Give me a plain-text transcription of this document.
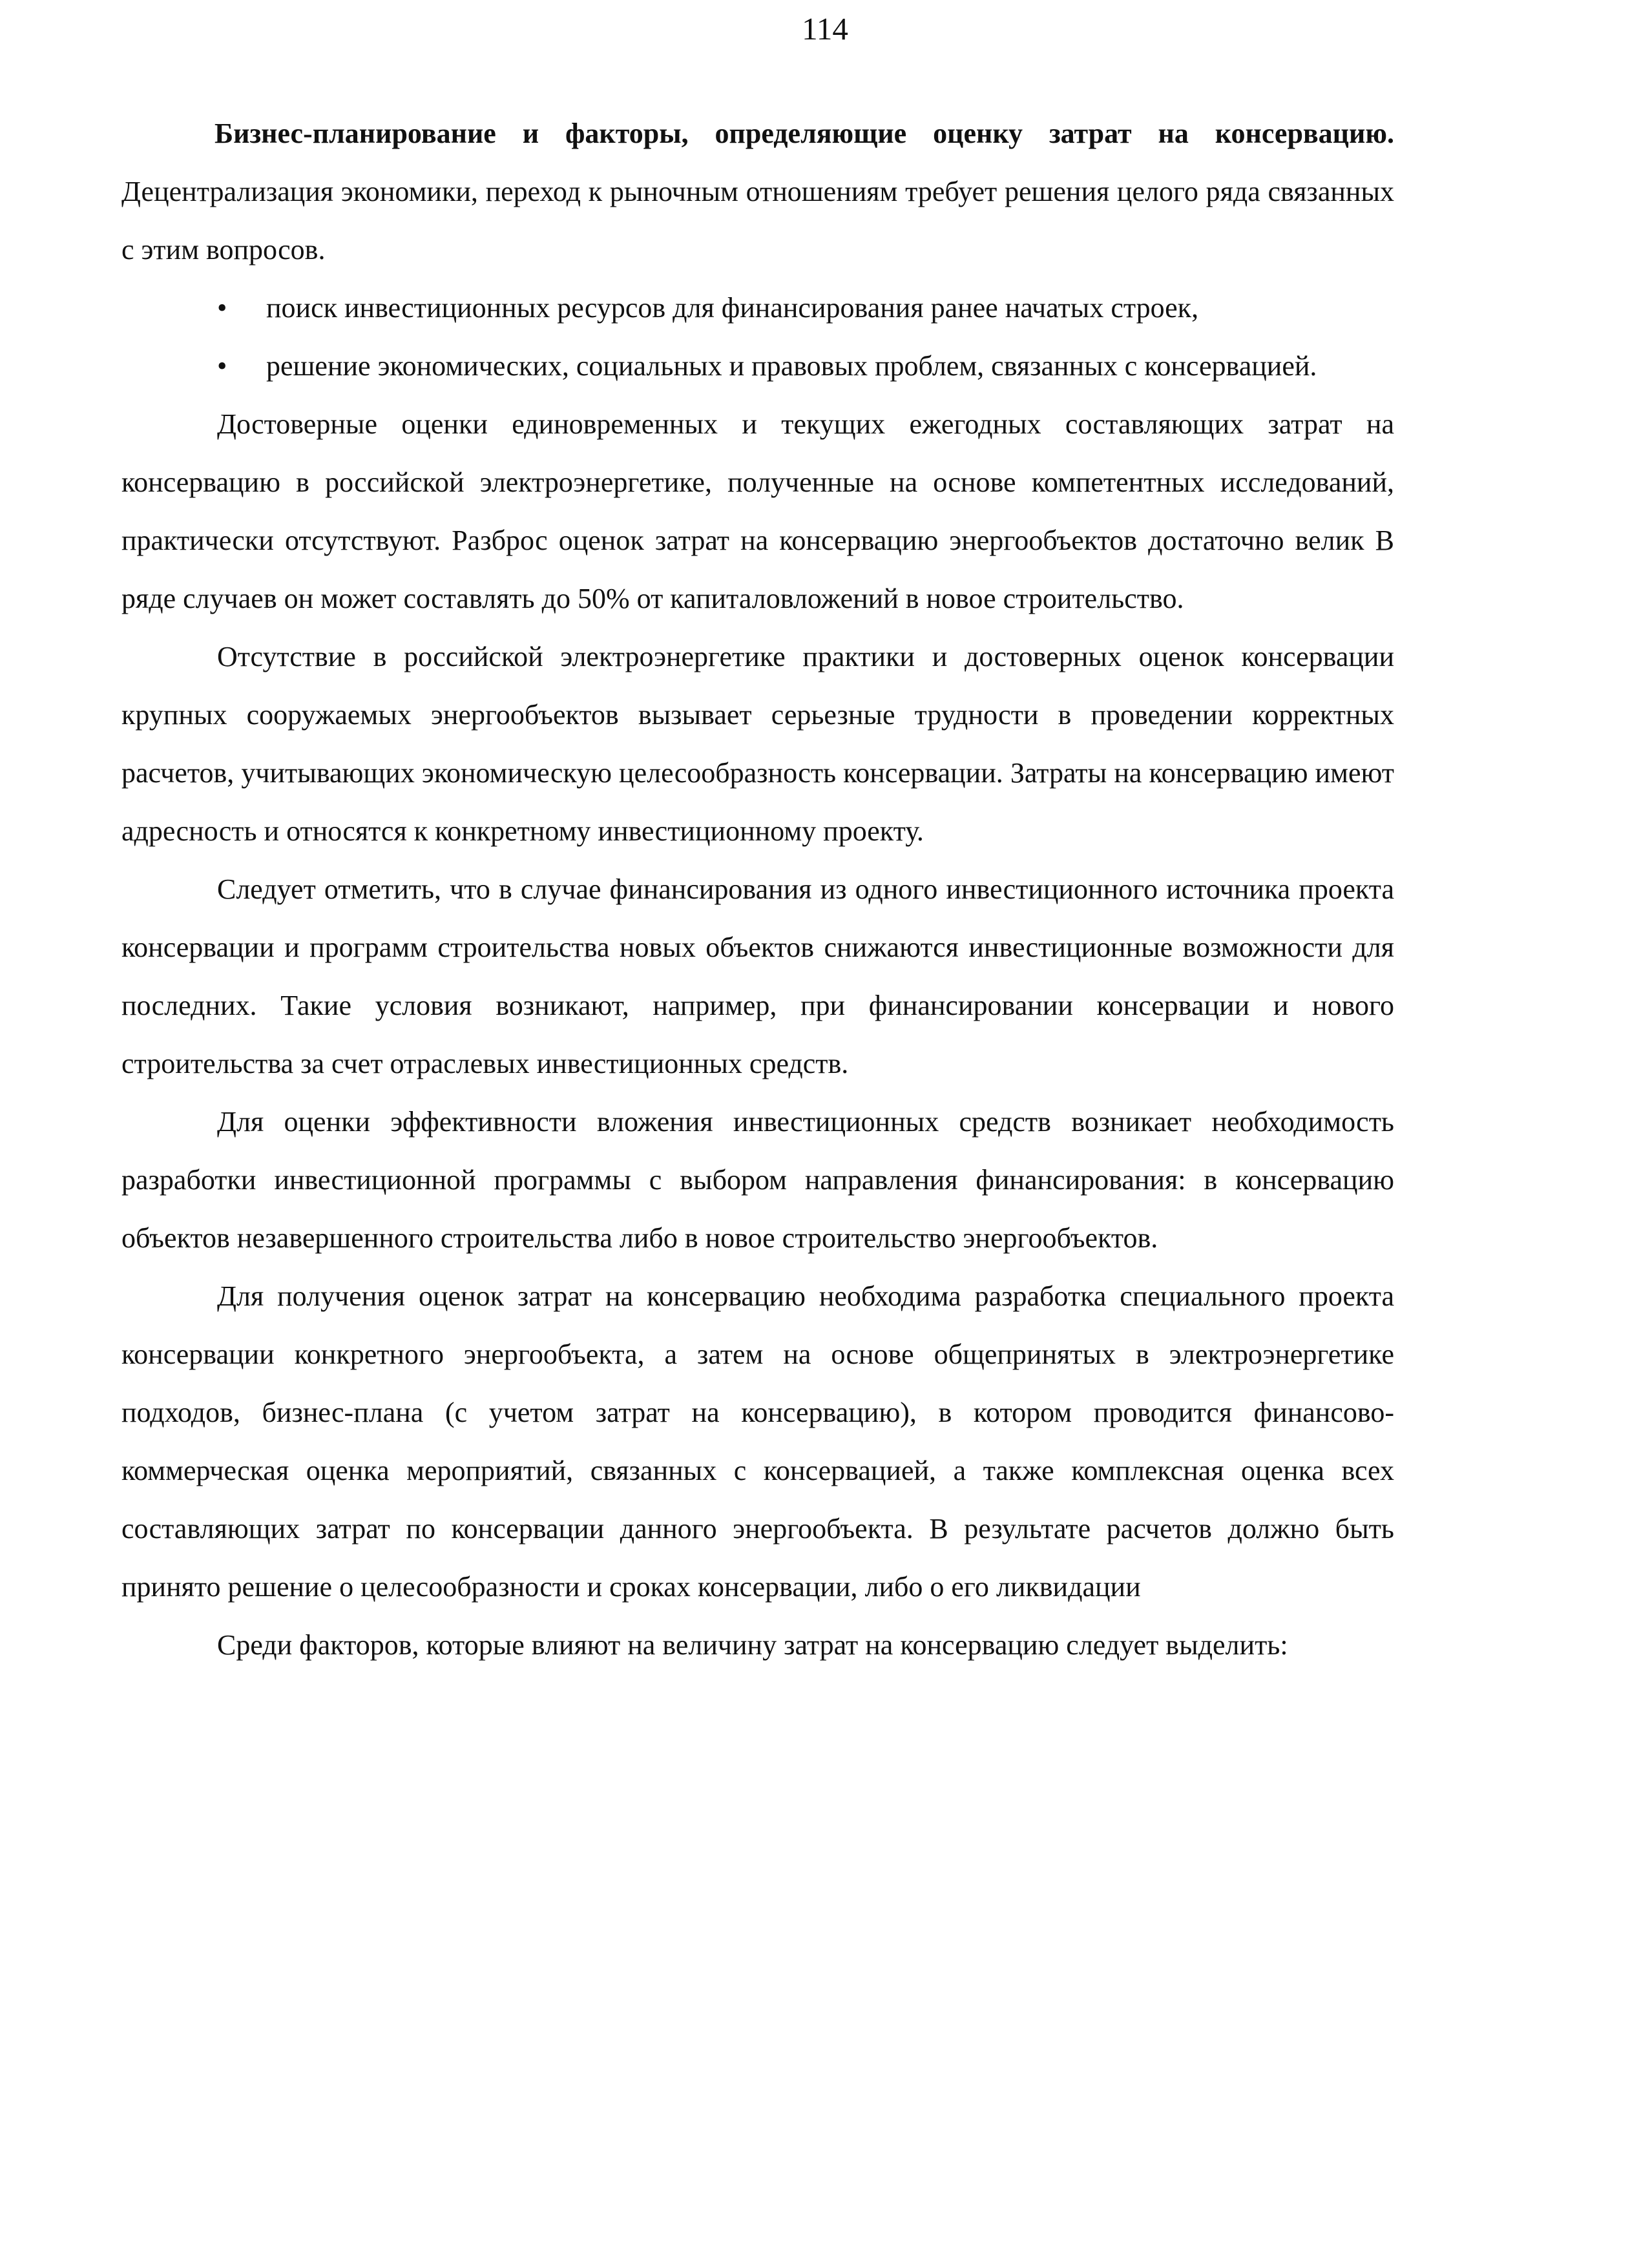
114

Бизнес-планирование и факторы, определяющие оценку затрат на консервацию. Децентрализация экономики, переход к рыночным отношениям требует решения целого ряда связанных с этим вопросов.

• поиск инвестиционных ресурсов для финансирования ранее начатых строек,
• решение экономических, социальных и правовых проблем, связанных с консервацией.

Достоверные оценки единовременных и текущих ежегодных составляющих затрат на консервацию в российской электроэнергетике, полученные на основе компетентных исследований, практически отсутствуют. Разброс оценок затрат на консервацию энергообъектов достаточно велик В ряде случаев он может составлять до 50% от капиталовложений в новое строительство.

Отсутствие в российской электроэнергетике практики и достоверных оценок консервации крупных сооружаемых энергообъектов вызывает серьезные трудности в проведении корректных расчетов, учитывающих экономическую целесообразность консервации. Затраты на консервацию имеют адресность и относятся к конкретному инвестиционному проекту.

Следует отметить, что в случае финансирования из одного инвестиционного источника проекта консервации и программ строительства новых объектов снижаются инвестиционные возможности для последних. Такие условия возникают, например, при финансировании консервации и нового строительства за счет отраслевых инвестиционных средств.

Для оценки эффективности вложения инвестиционных средств возникает необходимость разработки инвестиционной программы с выбором направления финансирования: в консервацию объектов незавершенного строительства либо в новое строительство энергообъектов.

Для получения оценок затрат на консервацию необходима разработка специального проекта консервации конкретного энергообъекта, а затем на основе общепринятых в электроэнергетике подходов, бизнес-плана (с учетом затрат на консервацию), в котором проводится финансово-коммерческая оценка мероприятий, связанных с консервацией, а также комплексная оценка всех составляющих затрат по консервации данного энергообъекта. В результате расчетов должно быть принято решение о целесообразности и сроках консервации, либо о его ликвидации

Среди факторов, которые влияют на величину затрат на консервацию следует выделить:
